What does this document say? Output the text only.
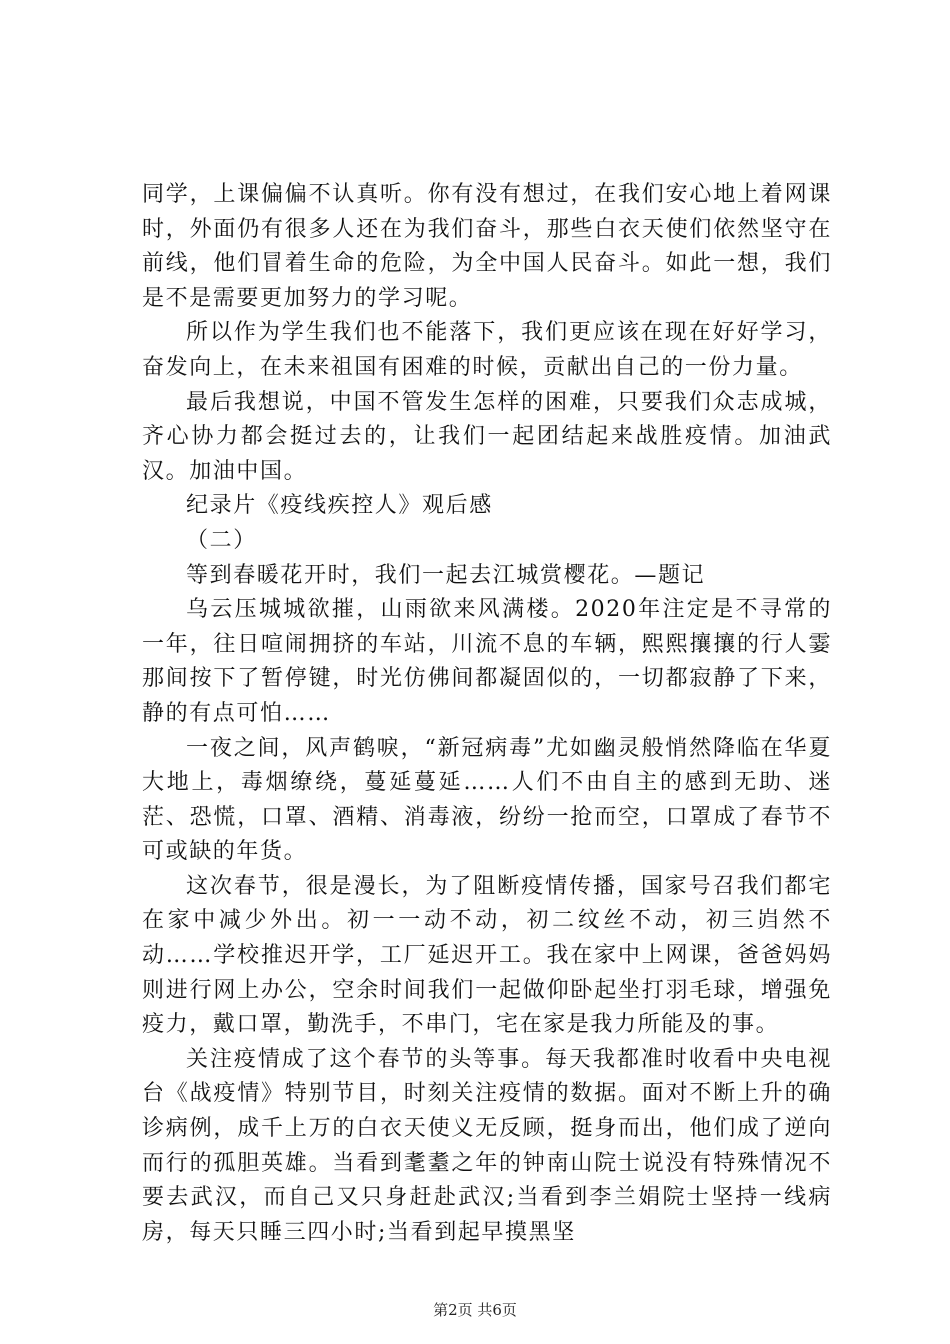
同学，上课偏偏不认真听。你有没有想过，在我们安心地上着网课时，外面仍有很多人还在为我们奋斗，那些白衣天使们依然坚守在前线，他们冒着生命的危险，为全中国人民奋斗。如此一想，我们是不是需要更加努力的学习呢。

所以作为学生我们也不能落下，我们更应该在现在好好学习，奋发向上，在未来祖国有困难的时候，贡献出自己的一份力量。

最后我想说，中国不管发生怎样的困难，只要我们众志成城，齐心协力都会挺过去的，让我们一起团结起来战胜疫情。加油武汉。加油中国。

纪录片《疫线疾控人》观后感

（二）

等到春暖花开时，我们一起去江城赏樱花。—题记

乌云压城城欲摧，山雨欲来风满楼。2020年注定是不寻常的一年，往日喧闹拥挤的车站，川流不息的车辆，熙熙攘攘的行人霎那间按下了暂停键，时光仿佛间都凝固似的，一切都寂静了下来，静的有点可怕……

一夜之间，风声鹤唳，“新冠病毒”尤如幽灵般悄然降临在华夏大地上，毒烟缭绕，蔓延蔓延……人们不由自主的感到无助、迷茫、恐慌，口罩、酒精、消毒液，纷纷一抢而空，口罩成了春节不可或缺的年货。

这次春节，很是漫长，为了阻断疫情传播，国家号召我们都宅在家中减少外出。初一一动不动，初二纹丝不动，初三岿然不动……学校推迟开学，工厂延迟开工。我在家中上网课，爸爸妈妈则进行网上办公，空余时间我们一起做仰卧起坐打羽毛球，增强免疫力，戴口罩，勤洗手，不串门，宅在家是我力所能及的事。

关注疫情成了这个春节的头等事。每天我都准时收看中央电视台《战疫情》特别节目，时刻关注疫情的数据。面对不断上升的确诊病例，成千上万的白衣天使义无反顾，挺身而出，他们成了逆向而行的孤胆英雄。当看到耄耋之年的钟南山院士说没有特殊情况不要去武汉，而自己又只身赶赴武汉;当看到李兰娟院士坚持一线病房，每天只睡三四小时;当看到起早摸黑坚

第2页 共6页
